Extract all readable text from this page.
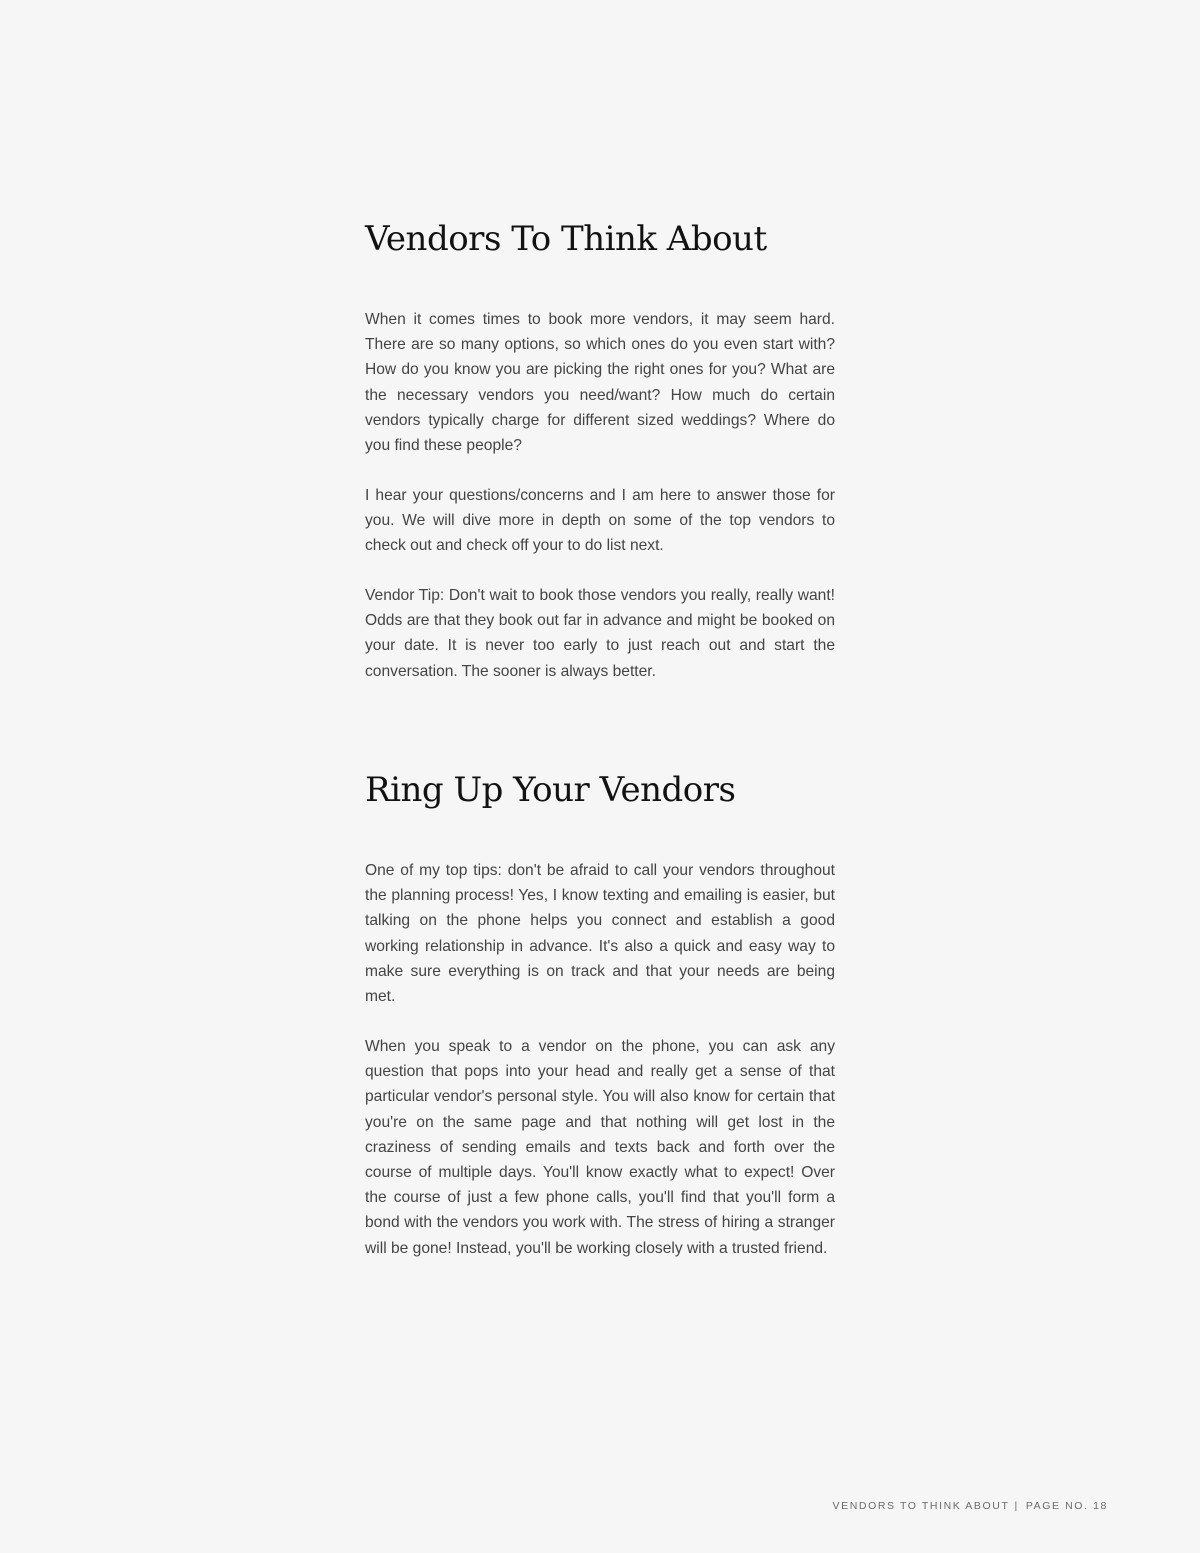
Vendors To Think About

When it comes times to book more vendors, it may seem hard. There are so many options, so which ones do you even start with? How do you know you are picking the right ones for you? What are the necessary vendors you need/want? How much do certain vendors typically charge for different sized weddings? Where do you find these people?

I hear your questions/concerns and I am here to answer those for you. We will dive more in depth on some of the top vendors to check out and check off your to do list next.

Vendor Tip: Don't wait to book those vendors you really, really want! Odds are that they book out far in advance and might be booked on your date. It is never too early to just reach out and start the conversation. The sooner is always better.

Ring Up Your Vendors

One of my top tips: don't be afraid to call your vendors throughout the planning process! Yes, I know texting and emailing is easier, but talking on the phone helps you connect and establish a good working relationship in advance. It's also a quick and easy way to make sure everything is on track and that your needs are being met.

When you speak to a vendor on the phone, you can ask any question that pops into your head and really get a sense of that particular vendor's personal style. You will also know for certain that you're on the same page and that nothing will get lost in the craziness of sending emails and texts back and forth over the course of multiple days. You'll know exactly what to expect! Over the course of just a few phone calls, you'll find that you'll form a bond with the vendors you work with. The stress of hiring a stranger will be gone! Instead, you'll be working closely with a trusted friend.

VENDORS TO THINK ABOUT | PAGE NO. 18
